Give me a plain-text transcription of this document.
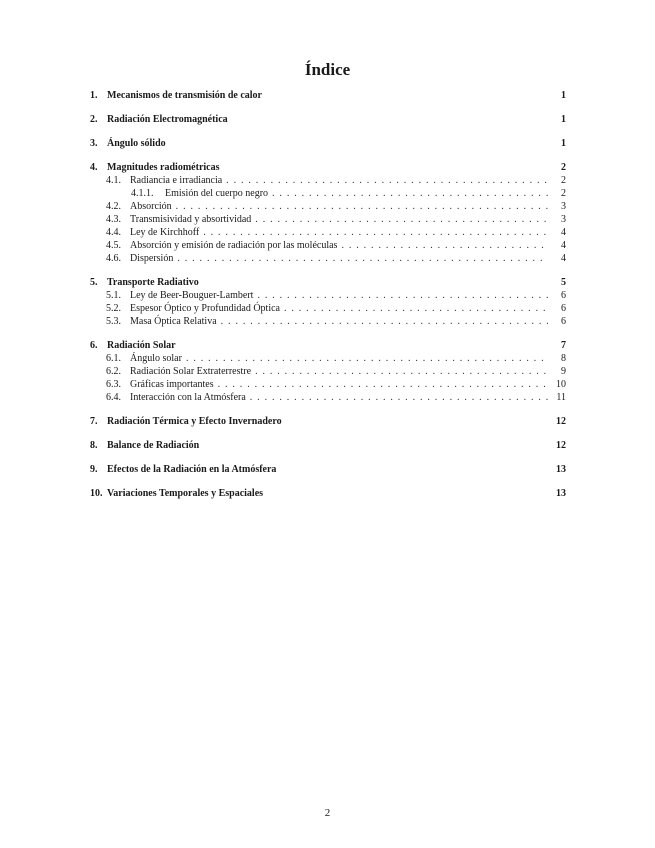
Índice
1. Mecanismos de transmisión de calor	1
2. Radiación Electromagnética	1
3. Ángulo sólido	1
4. Magnitudes radiométricas	2
4.1. Radiancia e irradiancia . . .	2
4.1.1.	Emisión del cuerpo negro . . .	2
4.2. Absorción . . .	3
4.3. Transmisividad y absortividad . . .	3
4.4. Ley de Kirchhoff . . .	4
4.5. Absorción y emisión de radiación por las moléculas . . .	4
4.6. Dispersión . . .	4
5. Transporte Radiativo	5
5.1. Ley de Beer-Bouguer-Lambert . . .	6
5.2. Espesor Óptico y Profundidad Óptica . . .	6
5.3. Masa Óptica Relativa . . .	6
6. Radiación Solar	7
6.1. Ángulo solar . . .	8
6.2. Radiación Solar Extraterrestre . . .	9
6.3. Gráficas importantes . . .	10
6.4. Interacción con la Atmósfera . . .	11
7. Radiación Térmica y Efecto Invernadero	12
8. Balance de Radiación	12
9. Efectos de la Radiación en la Atmósfera	13
10. Variaciones Temporales y Espaciales	13
2
